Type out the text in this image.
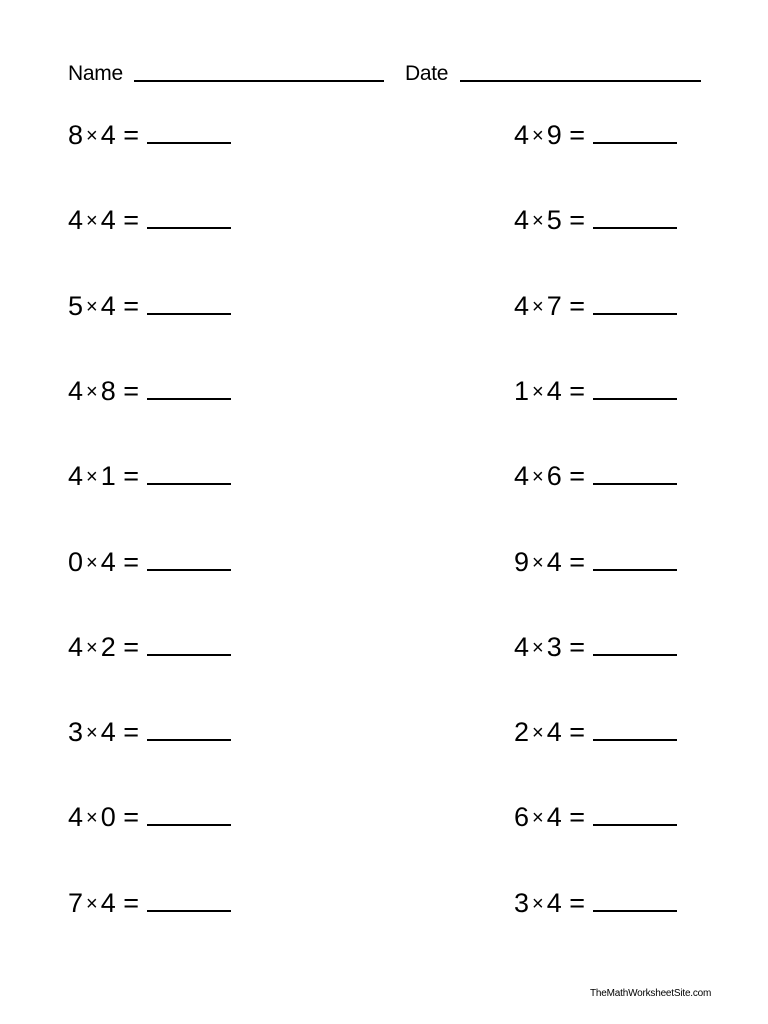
Name	Date
8 × 4 =
4 × 4 =
5 × 4 =
4 × 8 =
4 × 1 =
0 × 4 =
4 × 2 =
3 × 4 =
4 × 0 =
7 × 4 =
4 × 9 =
4 × 5 =
4 × 7 =
1 × 4 =
4 × 6 =
9 × 4 =
4 × 3 =
2 × 4 =
6 × 4 =
3 × 4 =
TheMathWorksheetSite.com
